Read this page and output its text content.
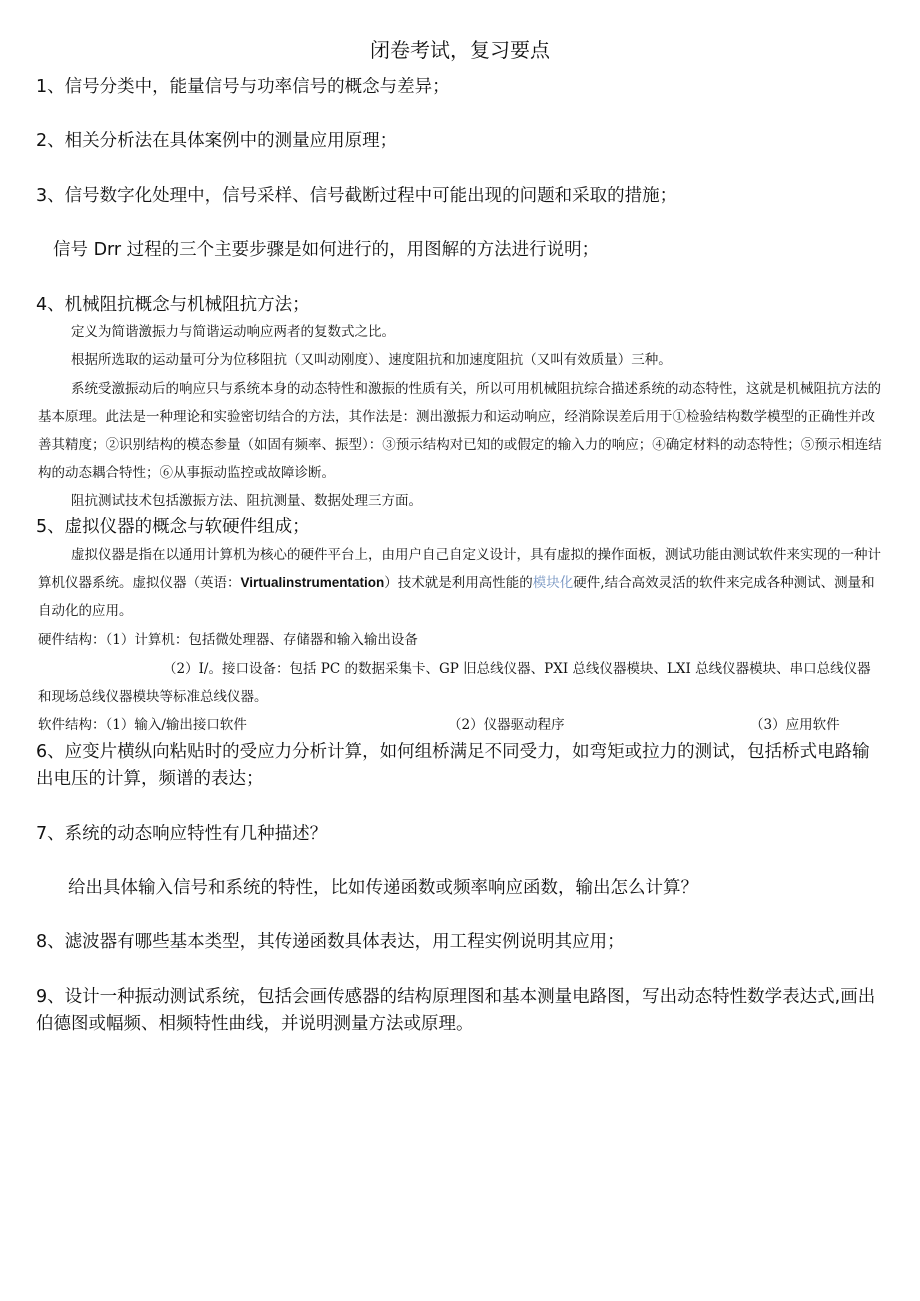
闭卷考试，复习要点
1、信号分类中，能量信号与功率信号的概念与差异；
2、相关分析法在具体案例中的测量应用原理；
3、信号数字化处理中，信号采样、信号截断过程中可能出现的问题和采取的措施；
信号 Drr 过程的三个主要步骤是如何进行的，用图解的方法进行说明；
4、机械阻抗概念与机械阻抗方法；
定义为简谐激振力与简谐运动响应两者的复数式之比。
根据所选取的运动量可分为位移阻抗（又叫动刚度）、速度阻抗和加速度阻抗（又叫有效质量）三种。
系统受激振动后的响应只与系统本身的动态特性和激振的性质有关，所以可用机械阻抗综合描述系统的动态特性，这就是机械阻抗方法的基本原理。此法是一种理论和实验密切结合的方法，其作法是：测出激振力和运动响应，经消除误差后用于①检验结构数学模型的正确性并改善其精度；②识别结构的模态参量（如固有频率、振型）：③预示结构对已知的或假定的输入力的响应；④确定材料的动态特性；⑤预示相连结构的动态耦合特性；⑥从事振动监控或故障诊断。
阻抗测试技术包括激振方法、阻抗测量、数据处理三方面。
5、虚拟仪器的概念与软硬件组成；
虚拟仪器是指在以通用计算机为核心的硬件平台上，由用户自己自定义设计，具有虚拟的操作面板，测试功能由测试软件来实现的一种计算机仪器系统。虚拟仪器（英语：Virtualinstrumentation）技术就是利用高性能的模块化硬件,结合高效灵活的软件来完成各种测试、测量和自动化的应用。
硬件结构：（1）计算机：包括微处理器、存储器和输入输出设备
（2）I/。接口设备：包括 PC 的数据采集卡、GP 旧总线仪器、PXI 总线仪器模块、LXI 总线仪器模块、串口总线仪器和现场总线仪器模块等标准总线仪器。
软件结构：（1）输入/输出接口软件	（2）仪器驱动程序	（3）应用软件
6、应变片横纵向粘贴时的受应力分析计算，如何组桥满足不同受力，如弯矩或拉力的测试，包括桥式电路输出电压的计算，频谱的表达；
7、系统的动态响应特性有几种描述？
给出具体输入信号和系统的特性，比如传递函数或频率响应函数，输出怎么计算？
8、滤波器有哪些基本类型，其传递函数具体表达，用工程实例说明其应用；
9、设计一种振动测试系统，包括会画传感器的结构原理图和基本测量电路图，写出动态特性数学表达式,画出伯德图或幅频、相频特性曲线，并说明测量方法或原理。
